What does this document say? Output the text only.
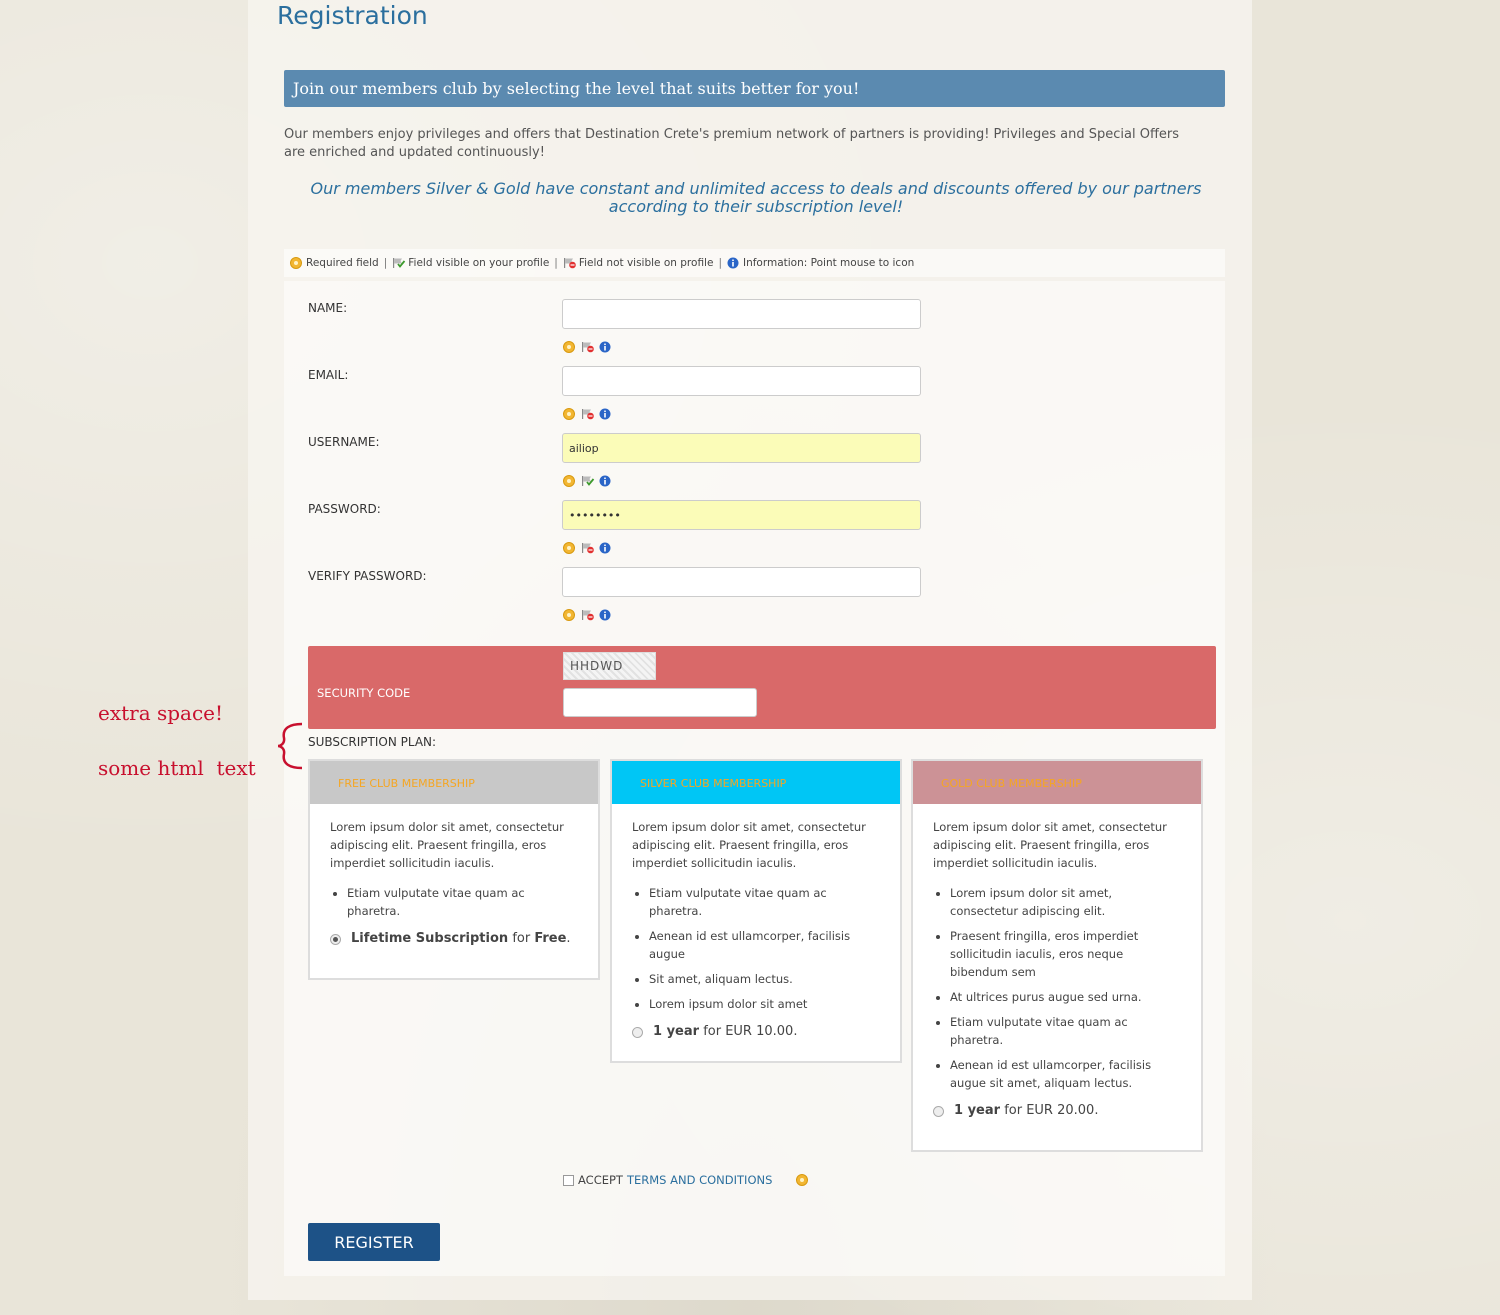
Registration
Join our members club by selecting the level that suits better for you!

Our members enjoy privileges and offers that Destination Crete's premium network of partners is providing! Privileges and Special Offers are enriched and updated continuously!

Our members Silver & Gold have constant and unlimited access to deals and discounts offered by our partners according to their subscription level!

Required field | Field visible on your profile | Field not visible on profile | Information: Point mouse to icon
NAME:
EMAIL:
USERNAME:
ailiop
PASSWORD:
••••••••
VERIFY PASSWORD:
SECURITY CODE
HHDWD
SUBSCRIPTION PLAN:
FREE CLUB MEMBERSHIP

Lorem ipsum dolor sit amet, consectetur adipiscing elit. Praesent fringilla, eros imperdiet sollicitudin iaculis.

• Etiam vulputate vitae quam ac pharetra.
Lifetime Subscription for Free.
SILVER CLUB MEMBERSHIP

Lorem ipsum dolor sit amet, consectetur adipiscing elit. Praesent fringilla, eros imperdiet sollicitudin iaculis.

• Etiam vulputate vitae quam ac pharetra.
• Aenean id est ullamcorper, facilisis augue
• Sit amet, aliquam lectus.
• Lorem ipsum dolor sit amet
1 year for EUR 10.00.
GOLD CLUB MEMBERSHIP

Lorem ipsum dolor sit amet, consectetur adipiscing elit. Praesent fringilla, eros imperdiet sollicitudin iaculis.

• Lorem ipsum dolor sit amet, consectetur adipiscing elit.
• Praesent fringilla, eros imperdiet sollicitudin iaculis, eros neque bibendum sem
• At ultrices purus augue sed urna.
• Etiam vulputate vitae quam ac pharetra.
• Aenean id est ullamcorper, facilisis augue sit amet, aliquam lectus.
1 year for EUR 20.00.
ACCEPT TERMS AND CONDITIONS
REGISTER
extra space!
some html  text
